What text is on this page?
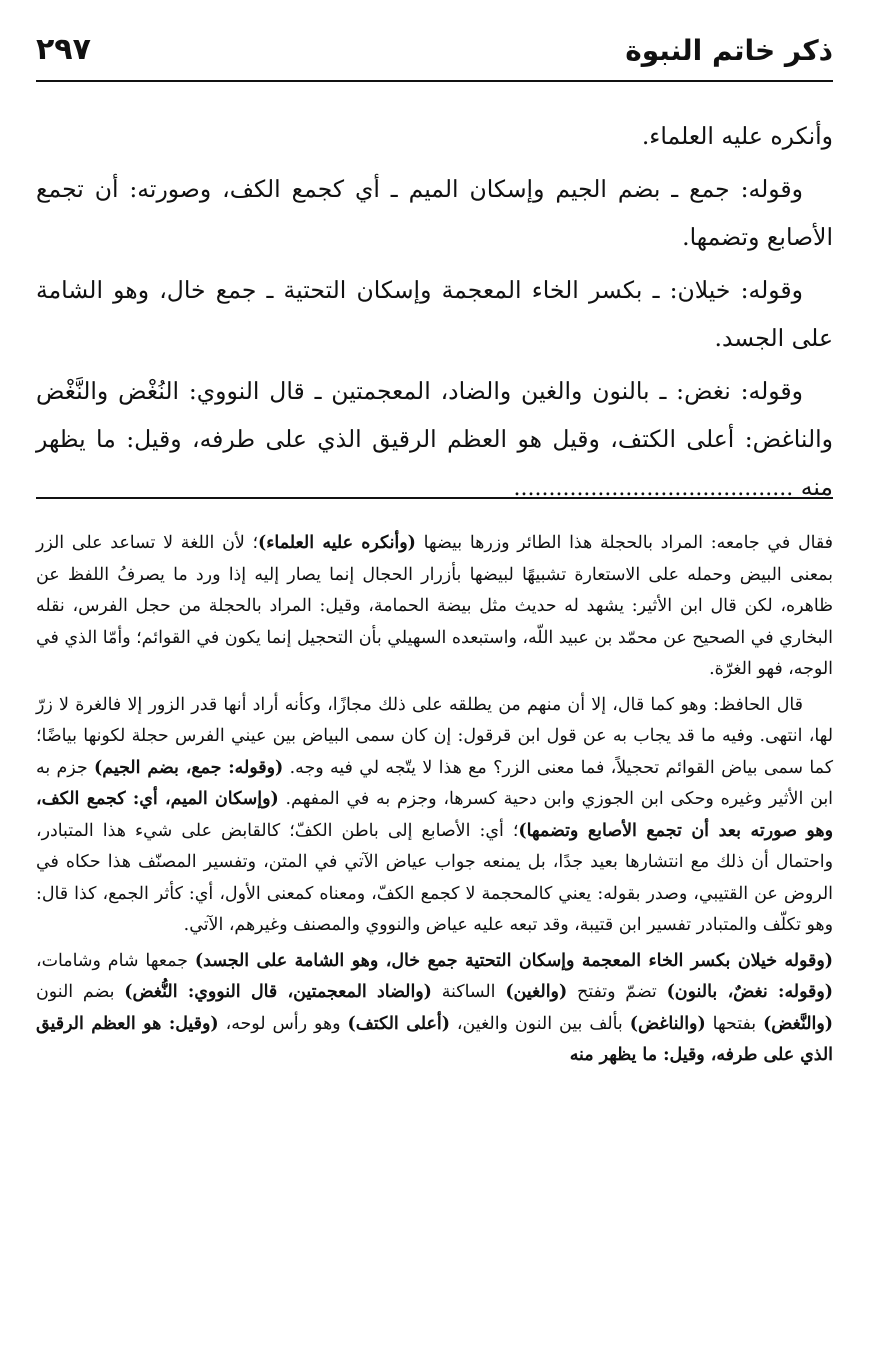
ذكر خاتم النبوة
٢٩٧

وأنكره عليه العلماء.

وقوله: جمع ـ بضم الجيم وإسكان الميم ـ أي كجمع الكف، وصورته: أن تجمع الأصابع وتضمها.

وقوله: خيلان: ـ بكسر الخاء المعجمة وإسكان التحتية ـ جمع خال، وهو الشامة على الجسد.

وقوله: نغض: ـ بالنون والغين والضاد، المعجمتين ـ قال النووي: النُغْض والنَّغْض والناغض: أعلى الكتف، وقيل هو العظم الرقيق الذي على طرفه، وقيل: ما يظهر منه ........................................

فقال في جامعه: المراد بالحجلة هذا الطائر وزرها بيضها (وأنكره عليه العلماء)؛ لأن اللغة لا تساعد على الزر بمعنى البيض وحمله على الاستعارة تشبيهًا لبيضها بأزرار الحجال إنما يصار إليه إذا ورد ما يصرفُ اللفظ عن ظاهره، لكن قال ابن الأثير: يشهد له حديث مثل بيضة الحمامة، وقيل: المراد بالحجلة من حجل الفرس، نقله البخاري في الصحيح عن محمّد بن عبيد اللّه، واستبعده السهيلي بأن التحجيل إنما يكون في القوائم؛ وأمّا الذي في الوجه، فهو الغرّة.

قال الحافظ: وهو كما قال، إلا أن منهم من يطلقه على ذلك مجازًا، وكأنه أراد أنها قدر الزور إلا فالغرة لا زرّ لها، انتهى. وفيه ما قد يجاب به عن قول ابن قرقول: إن كان سمى البياض بين عيني الفرس حجلة لكونها بياضًا؛ كما سمى بياض القوائم تحجيلاً، فما معنى الزر؟ مع هذا لا يتّجه لي فيه وجه. (وقوله: جمع، بضم الجيم) جزم به ابن الأثير وغيره وحكى ابن الجوزي وابن دحية كسرها، وجزم به في المفهم. (وإسكان الميم، أي: كجمع الكف، وهو صورته بعد أن تجمع الأصابع وتضمها)؛ أي: الأصابع إلى باطن الكفّ؛ كالقابض على شيء هذا المتبادر، واحتمال أن ذلك مع انتشارها بعيد جدًا، بل يمنعه جواب عياض الآتي في المتن، وتفسير المصنّف هذا حكاه في الروض عن القتيبي، وصدر بقوله: يعني كالمحجمة لا كجمع الكفّ، ومعناه كمعنى الأول، أي: كأثر الجمع، كذا قال: وهو تكلّف والمتبادر تفسير ابن قتيبة، وقد تبعه عليه عياض والنووي والمصنف وغيرهم، الآتي.

(وقوله خيلان بكسر الخاء المعجمة وإسكان التحتية جمع خال، وهو الشامة على الجسد) جمعها شام وشامات، (وقوله: نغضٌ، بالنون) تضمّ وتفتح (والغين) الساكنة (والضاد المعجمتين، قال النووي: النُّغض) بضم النون (والنَّغض) بفتحها (والناغض) بألف بين النون والغين، (أعلى الكتف) وهو رأس لوحه، (وقيل: هو العظم الرقيق الذي على طرفه، وقيل: ما يظهر منه
